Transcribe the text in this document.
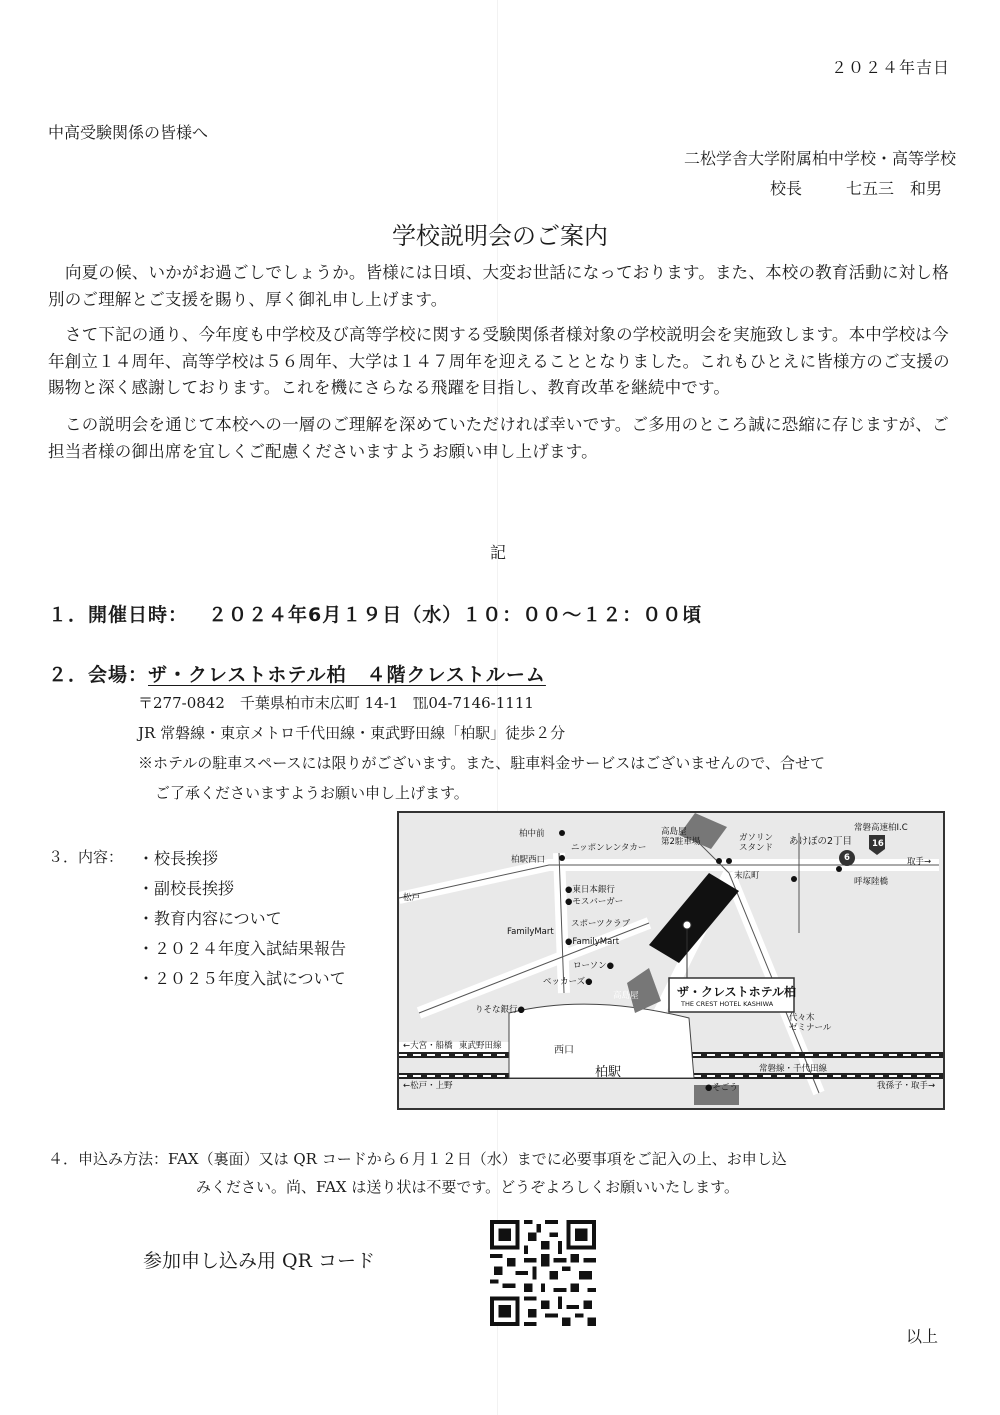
２０２４年吉日
中高受験関係の皆様へ
二松学舎大学附属柏中学校・高等学校
校長	七五三　和男
学校説明会のご案内
向夏の候、いかがお過ごしでしょうか。皆様には日頃、大変お世話になっております。また、本校の教育活動に対し格別のご理解とご支援を賜り、厚く御礼申し上げます。
さて下記の通り、今年度も中学校及び高等学校に関する受験関係者様対象の学校説明会を実施致します。本中学校は今年創立１４周年、高等学校は５６周年、大学は１４７周年を迎えることとなりました。これもひとえに皆様方のご支援の賜物と深く感謝しております。これを機にさらなる飛躍を目指し、教育改革を継続中です。
この説明会を通じて本校への一層のご理解を深めていただければ幸いです。ご多用のところ誠に恐縮に存じますが、ご担当者様の御出席を宜しくご配慮くださいますようお願い申し上げます。
記
１．開催日時： ２０２４年6月１９日（水）１０：００～１２：００頃
２．会場： ザ・クレストホテル柏　４階クレストルーム
〒277‐0842　千葉県柏市末広町 14‐1　℡04‐7146‐1111
JR 常磐線・東京メトロ千代田線・東武野田線「柏駅」徒歩２分
※ホテルの駐車スペースには限りがございます。また、駐車料金サービスはございませんので、合せて
ご了承くださいますようお願い申し上げます。
３．内容： ・校長挨拶
・副校長挨拶
・教育内容について
・２０２４年度入試結果報告
・２０２５年度入試について
柏中前
柏駅西口
松戸
ニッポンレンタカー
高島屋
第2駐車場	ガソリン
スタンド
あけぼの2丁目
常磐高速柏I.C
16
6	取手→
末広町
呼塚陸橋
●東日本銀行
●モスバーガー
スポーツクラブ
FamilyMart
●FamilyMart
ローソン●
ベッカーズ●
高島屋
りそな銀行●
西口
柏駅
←大宮・船橋 東武野田線
←松戸・上野
ザ・クレストホテル柏
THE CREST HOTEL KASHIWA
代々木
ゼミナール
●そごう
常磐線・千代田線
我孫子・取手→
４．申込み方法：FAX（裏面）又は QR コードから６月１２日（水）までに必要事項をご記入の上、お申し込
みください。尚、FAX は送り状は不要です。どうぞよろしくお願いいたします。
参加申し込み用 QR コード
以上
